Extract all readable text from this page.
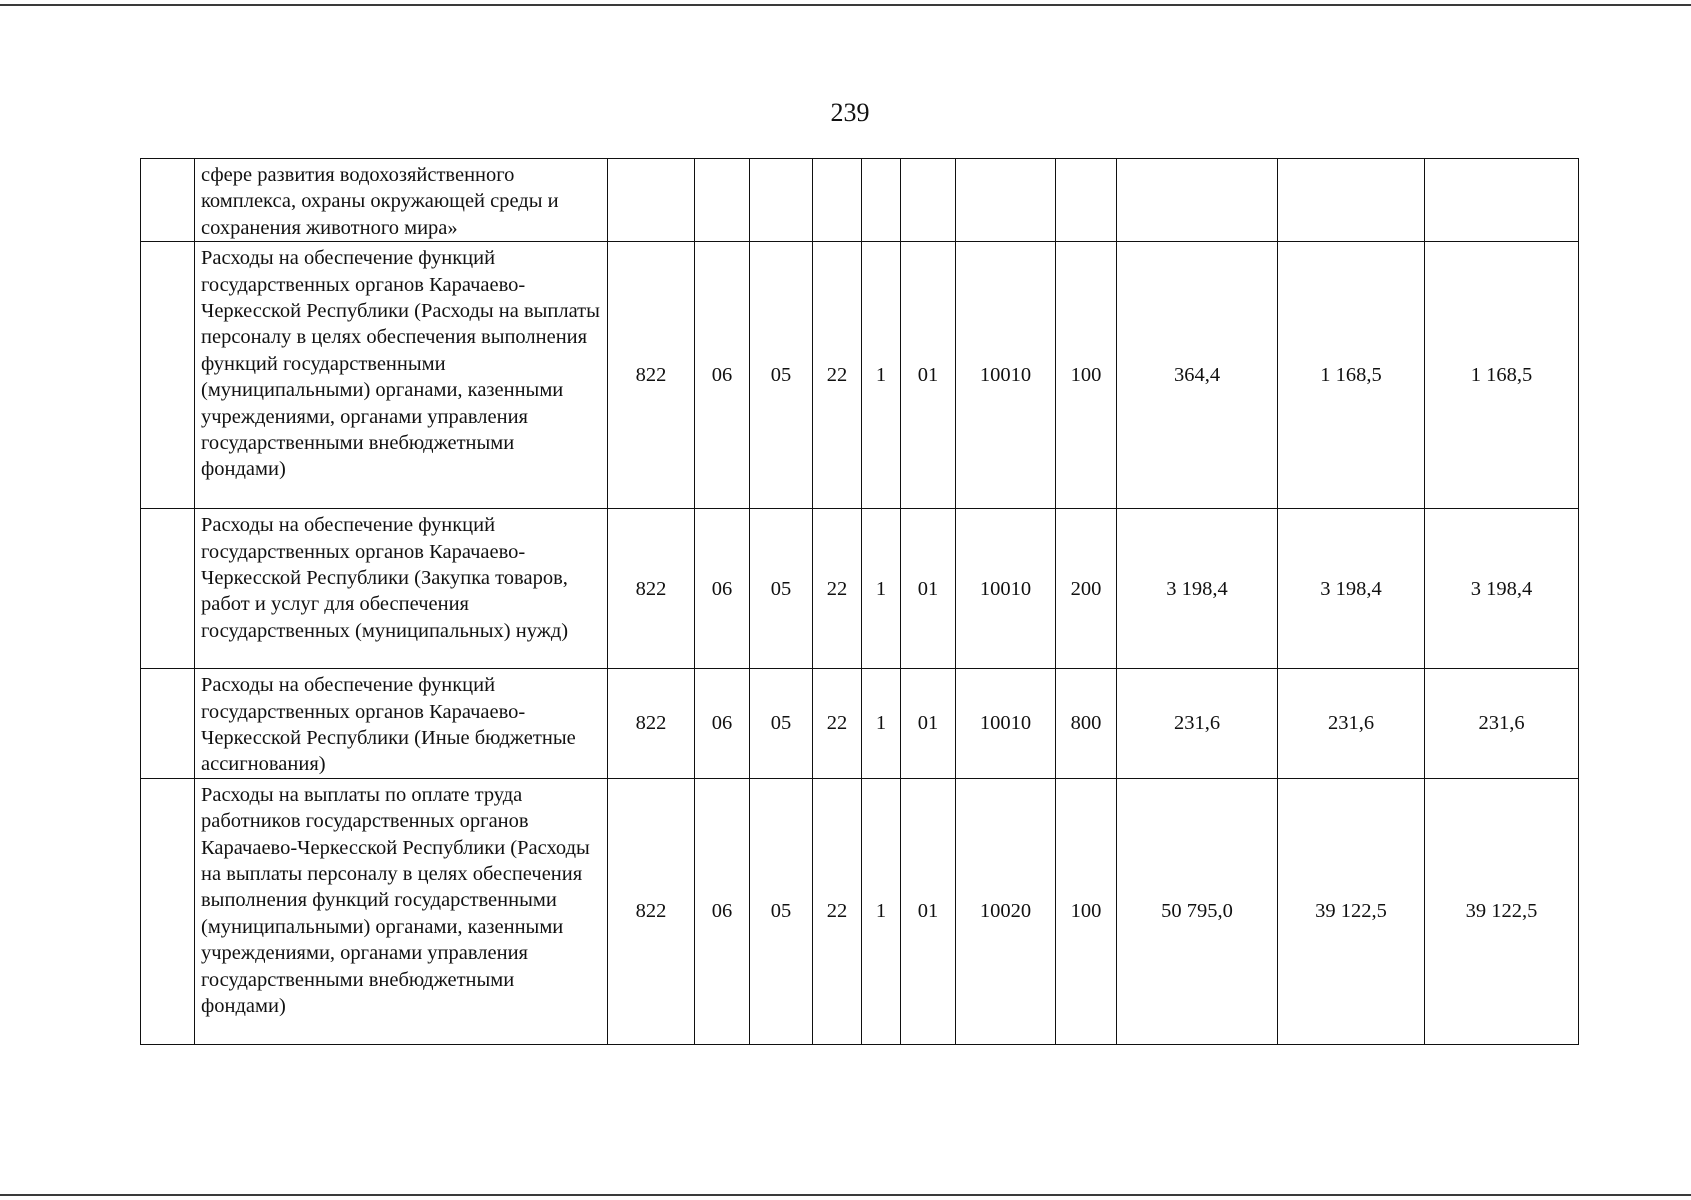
239
	сфере развития водохозяйственного комплекса, охраны окружающей среды и сохранения животного мира»											
	Расходы на обеспечение функций государственных органов Карачаево-Черкесской Республики (Расходы на выплаты персоналу в целях обеспечения выполнения функций государственными (муниципальными) органами, казенными учреждениями, органами управления государственными внебюджетными фондами)	822	06	05	22	1	01	10010	100	364,4	1 168,5	1 168,5
	Расходы на обеспечение функций государственных органов Карачаево-Черкесской Республики (Закупка товаров, работ и услуг для обеспечения государственных (муниципальных) нужд)	822	06	05	22	1	01	10010	200	3 198,4	3 198,4	3 198,4
	Расходы на обеспечение функций государственных органов Карачаево-Черкесской Республики (Иные бюджетные ассигнования)	822	06	05	22	1	01	10010	800	231,6	231,6	231,6
	Расходы на выплаты по оплате труда работников государственных органов Карачаево-Черкесской Республики (Расходы на выплаты персоналу в целях обеспечения выполнения функций государственными (муниципальными) органами, казенными учреждениями, органами управления государственными внебюджетными фондами)	822	06	05	22	1	01	10020	100	50 795,0	39 122,5	39 122,5
